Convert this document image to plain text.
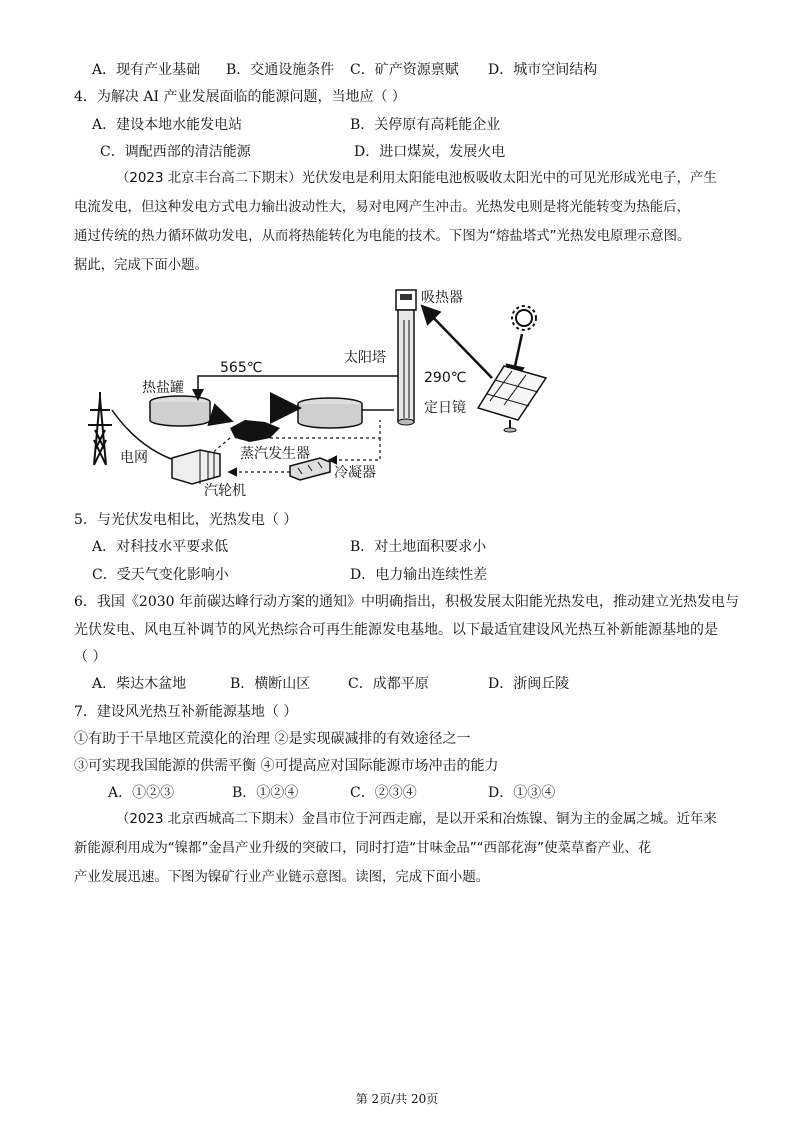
A．现有产业基础 B．交通设施条件 C．矿产资源禀赋 D．城市空间结构
4．为解决 AI 产业发展面临的能源问题，当地应（ ）
A．建设本地水能发电站	B．关停原有高耗能企业
C．调配西部的清洁能源	D．进口煤炭，发展火电
（2023 北京丰台高二下期末）光伏发电是利用太阳能电池板吸收太阳光中的可见光形成光电子，产生
电流发电，但这种发电方式电力输出波动性大，易对电网产生冲击。光热发电则是将光能转变为热能后，
通过传统的热力循环做功发电，从而将热能转化为电能的技术。下图为“熔盐塔式”光热发电原理示意图。
据此，完成下面小题。
电网
热盐罐
蒸汽发生器
565℃
吸热器
太阳塔
汽轮机
冷凝器
290℃
定日镜
5．与光伏发电相比，光热发电（ ）
A．对科技水平要求低	B．对土地面积要求小
C．受天气变化影响小	D．电力输出连续性差
6．我国《2030 年前碳达峰行动方案的通知》中明确指出，积极发展太阳能光热发电，推动建立光热发电与
光伏发电、风电互补调节的风光热综合可再生能源发电基地。以下最适宜建设风光热互补新能源基地的是
（ ）
A．柴达木盆地	B．横断山区	C．成都平原	D．浙闽丘陵
7．建设风光热互补新能源基地（ ）
①有助于干旱地区荒漠化的治理 ②是实现碳减排的有效途径之一
③可实现我国能源的供需平衡 ④可提高应对国际能源市场冲击的能力
A．①②③	B．①②④	C．②③④	D．①③④
（2023 北京西城高二下期末）金昌市位于河西走廊，是以开采和冶炼镍、铜为主的金属之城。近年来
新能源利用成为“镍都”金昌产业升级的突破口，同时打造“甘味金品”“西部花海”使菜草畜产业、花
产业发展迅速。下图为镍矿行业产业链示意图。读图，完成下面小题。
第 2页/共 20页
